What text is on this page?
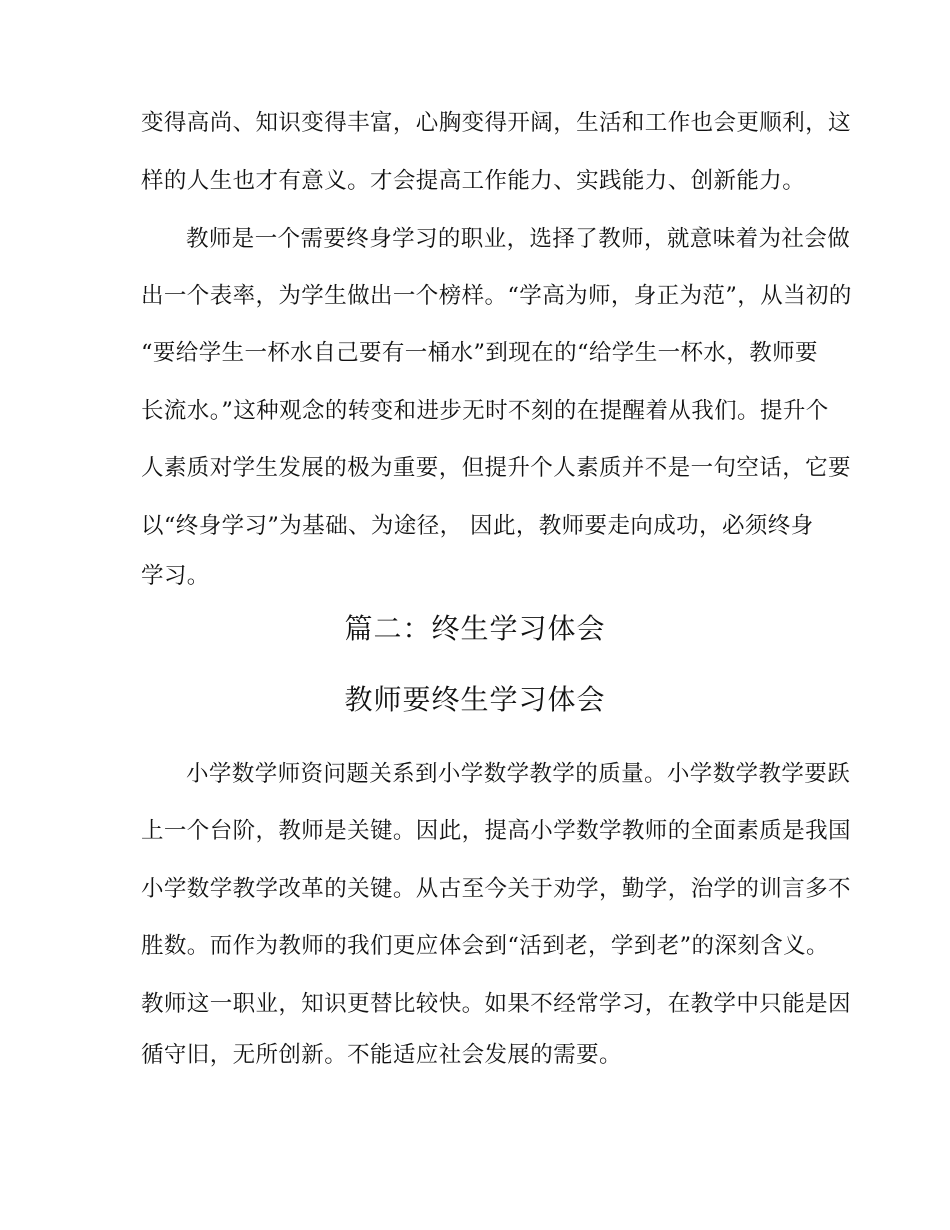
变得高尚、知识变得丰富，心胸变得开阔，生活和工作也会更顺利，这
样的人生也才有意义。才会提高工作能力、实践能力、创新能力。
教师是一个需要终身学习的职业，选择了教师，就意味着为社会做
出一个表率，为学生做出一个榜样。“学高为师，身正为范”，从当初的
“要给学生一杯水自己要有一桶水”到现在的“给学生一杯水，教师要
长流水。”这种观念的转变和进步无时不刻的在提醒着从我们。提升个
人素质对学生发展的极为重要，但提升个人素质并不是一句空话，它要
以“终身学习”为基础、为途径， 因此，教师要走向成功，必须终身
学习。
篇二：终生学习体会
教师要终生学习体会
小学数学师资问题关系到小学数学教学的质量。小学数学教学要跃
上一个台阶，教师是关键。因此，提高小学数学教师的全面素质是我国
小学数学教学改革的关键。从古至今关于劝学，勤学，治学的训言多不
胜数。而作为教师的我们更应体会到“活到老，学到老”的深刻含义。
教师这一职业，知识更替比较快。如果不经常学习，在教学中只能是因
循守旧，无所创新。不能适应社会发展的需要。
